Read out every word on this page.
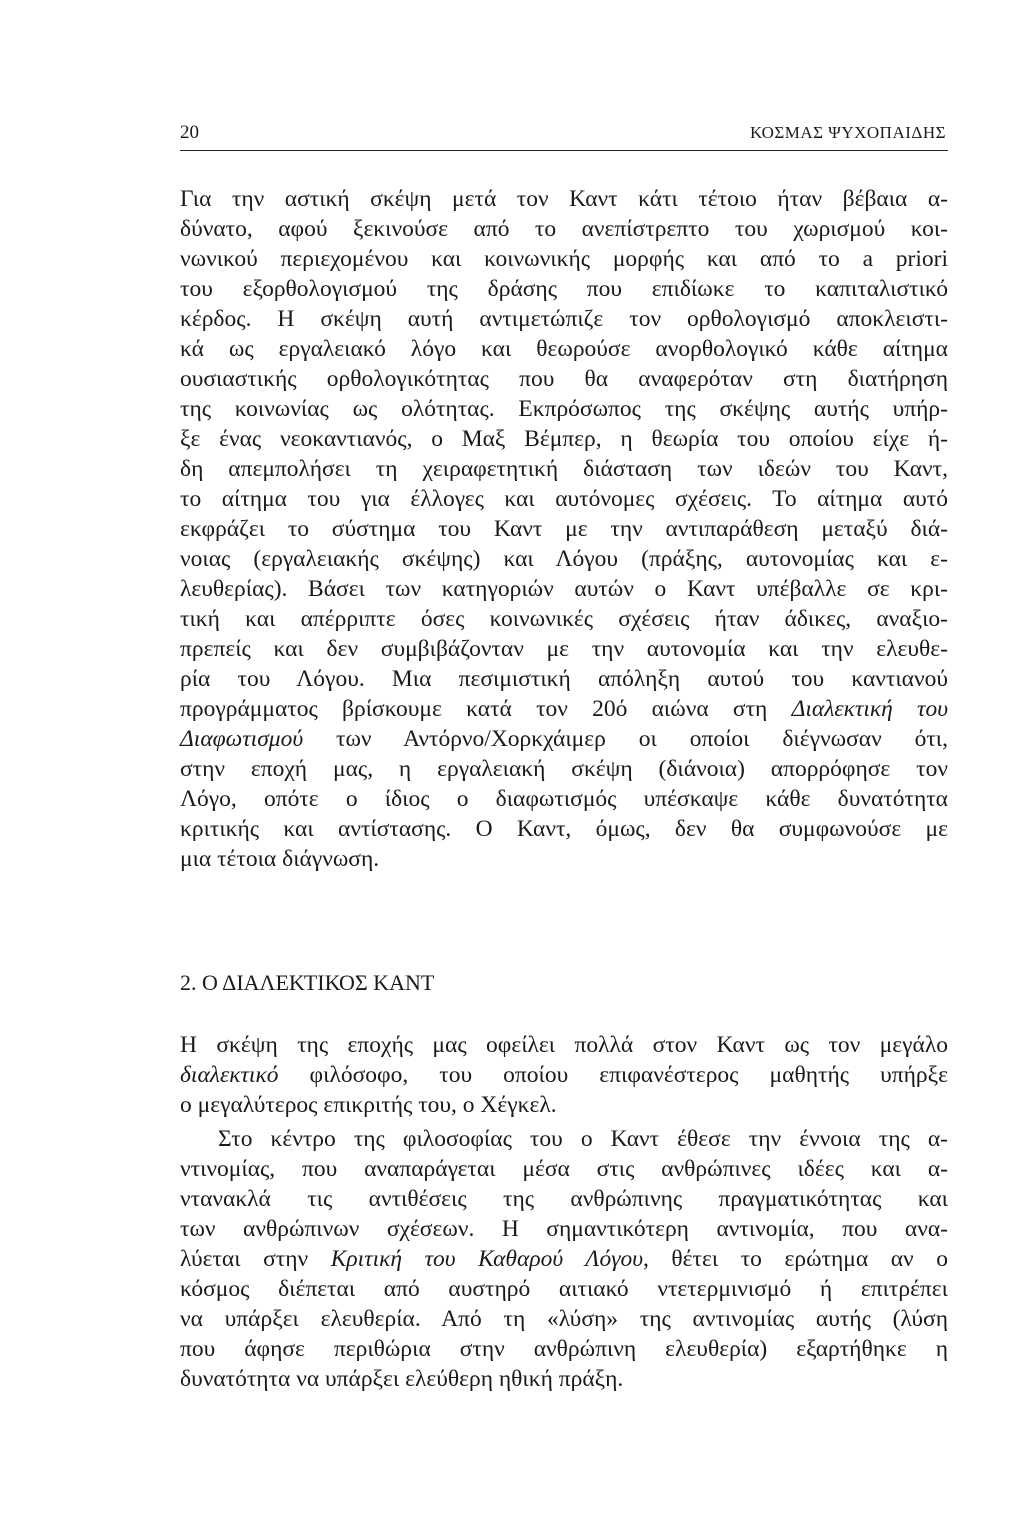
20	ΚΟΣΜΑΣ ΨΥΧΟΠΑΙΔΗΣ
Για την αστική σκέψη μετά τον Καντ κάτι τέτοιο ήταν βέβαια α-
δύνατο, αφού ξεκινούσε από το ανεπίστρεπτο του χωρισμού κοι-
νωνικού περιεχομένου και κοινωνικής μορφής και από το a priori
του εξορθολογισμού της δράσης που επιδίωκε το καπιταλιστικό
κέρδος. Η σκέψη αυτή αντιμετώπιζε τον ορθολογισμό αποκλειστι-
κά ως εργαλειακό λόγο και θεωρούσε ανορθολογικό κάθε αίτημα
ουσιαστικής ορθολογικότητας που θα αναφερόταν στη διατήρηση
της κοινωνίας ως ολότητας. Εκπρόσωπος της σκέψης αυτής υπήρ-
ξε ένας νεοκαντιανός, ο Μαξ Βέμπερ, η θεωρία του οποίου είχε ή-
δη απεμπολήσει τη χειραφετητική διάσταση των ιδεών του Καντ,
το αίτημα του για έλλογες και αυτόνομες σχέσεις. Το αίτημα αυτό
εκφράζει το σύστημα του Καντ με την αντιπαράθεση μεταξύ διά-
νοιας (εργαλειακής σκέψης) και Λόγου (πράξης, αυτονομίας και ε-
λευθερίας). Βάσει των κατηγοριών αυτών ο Καντ υπέβαλλε σε κρι-
τική και απέρριπτε όσες κοινωνικές σχέσεις ήταν άδικες, αναξιο-
πρεπείς και δεν συμβιβάζονταν με την αυτονομία και την ελευθε-
ρία του Λόγου. Μια πεσιμιστική απόληξη αυτού του καντιανού
προγράμματος βρίσκουμε κατά τον 20ό αιώνα στη Διαλεκτική του
Διαφωτισμού των Αντόρνο/Χορκχάιμερ οι οποίοι διέγνωσαν ότι,
στην εποχή μας, η εργαλειακή σκέψη (διάνοια) απορρόφησε τον
Λόγο, οπότε ο ίδιος ο διαφωτισμός υπέσκαψε κάθε δυνατότητα
κριτικής και αντίστασης. Ο Καντ, όμως, δεν θα συμφωνούσε με
μια τέτοια διάγνωση.
2. Ο ΔΙΑΛΕΚΤΙΚΟΣ ΚΑΝΤ
Η σκέψη της εποχής μας οφείλει πολλά στον Καντ ως τον μεγάλο
διαλεκτικό φιλόσοφο, του οποίου επιφανέστερος μαθητής υπήρξε
ο μεγαλύτερος επικριτής του, ο Χέγκελ.
Στο κέντρο της φιλοσοφίας του ο Καντ έθεσε την έννοια της α-
ντινομίας, που αναπαράγεται μέσα στις ανθρώπινες ιδέες και α-
ντανακλά τις αντιθέσεις της ανθρώπινης πραγματικότητας και
των ανθρώπινων σχέσεων. Η σημαντικότερη αντινομία, που ανα-
λύεται στην Κριτική του Καθαρού Λόγου, θέτει το ερώτημα αν ο
κόσμος διέπεται από αυστηρό αιτιακό ντετερμινισμό ή επιτρέπει
να υπάρξει ελευθερία. Από τη «λύση» της αντινομίας αυτής (λύση
που άφησε περιθώρια στην ανθρώπινη ελευθερία) εξαρτήθηκε η
δυνατότητα να υπάρξει ελεύθερη ηθική πράξη.
